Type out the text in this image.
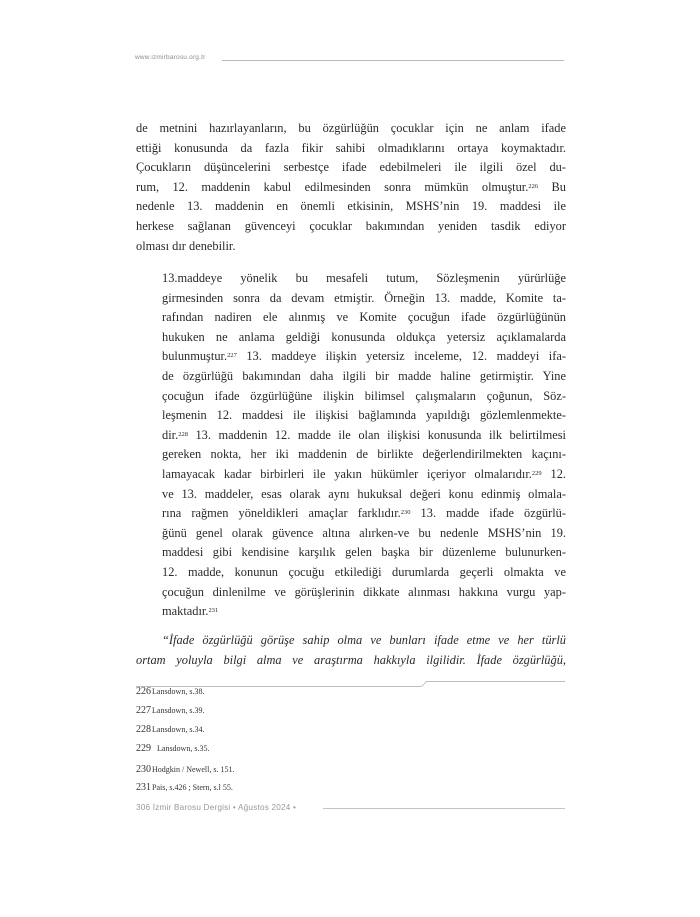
www.izmirbarosu.org.tr
de metnini hazırlayanların, bu özgürlüğün çocuklar için ne anlam ifade
ettiği konusunda da fazla fikir sahibi olmadıklarını ortaya koymaktadır.
Çocukların düşüncelerini serbestçe ifade edebilmeleri ile ilgili özel du-
rum, 12. maddenin kabul edilmesinden sonra mümkün olmuştur.$^{226}$ Bu
nedenle 13. maddenin en önemli etkisinin, MSHS’nin 19. maddesi ile
herkese sağlanan güvenceyi çocuklar bakımından yeniden tasdik ediyor
olması dır denebilir.
13.maddeye yönelik bu mesafeli tutum, Sözleşmenin yürürlüğe
girmesinden sonra da devam etmiştir. Örneğin 13. madde, Komite ta-
rafından nadiren ele alınmış ve Komite çocuğun ifade özgürlüğünün
hukuken ne anlama geldiği konusunda oldukça yetersiz açıklamalarda
bulunmuştur.$^{227}$ 13. maddeye ilişkin yetersiz inceleme, 12. maddeyi ifa-
de özgürlüğü bakımından daha ilgili bir madde haline getirmiştir. Yine
çocuğun ifade özgürlüğüne ilişkin bilimsel çalışmaların çoğunun, Söz-
leşmenin 12. maddesi ile ilişkisi bağlamında yapıldığı gözlemlenmekte-
dir.$^{228}$ 13. maddenin 12. madde ile olan ilişkisi konusunda ilk belirtilmesi
gereken nokta, her iki maddenin de birlikte değerlendirilmekten kaçını-
lamayacak kadar birbirleri ile yakın hükümler içeriyor olmalarıdır.$^{229}$ 12.
ve 13. maddeler, esas olarak aynı hukuksal değeri konu edinmiş olmala-
rına rağmen yöneldikleri amaçlar farklıdır.$^{230}$ 13. madde ifade özgürlü-
ğünü genel olarak güvence altına alırken-ve bu nedenle MSHS’nin 19.
maddesi gibi kendisine karşılık gelen başka bir düzenleme bulunurken-
12. madde, konunun çocuğu etkilediği durumlarda geçerli olmakta ve
çocuğun dinlenilme ve görüşlerinin dikkate alınması hakkına vurgu yap-
maktadır.$^{231}$
“İfade özgürlüğü görüşe sahip olma ve bunları ifade etme ve her türlü
ortam yoluyla bilgi alma ve araştırma hakkıyla ilgilidir. İfade özgürlüğü,
226Lansdown, s.38.
227Lansdown, s.39.
228Lansdown, s.34.
229 Lansdown, s.35.
230Hodgkin / Newell, s. 151.
231Pais, s.426 ; Stern, s.l 55.
306 İzmir Barosu Dergisi • Ağustos 2024 •
